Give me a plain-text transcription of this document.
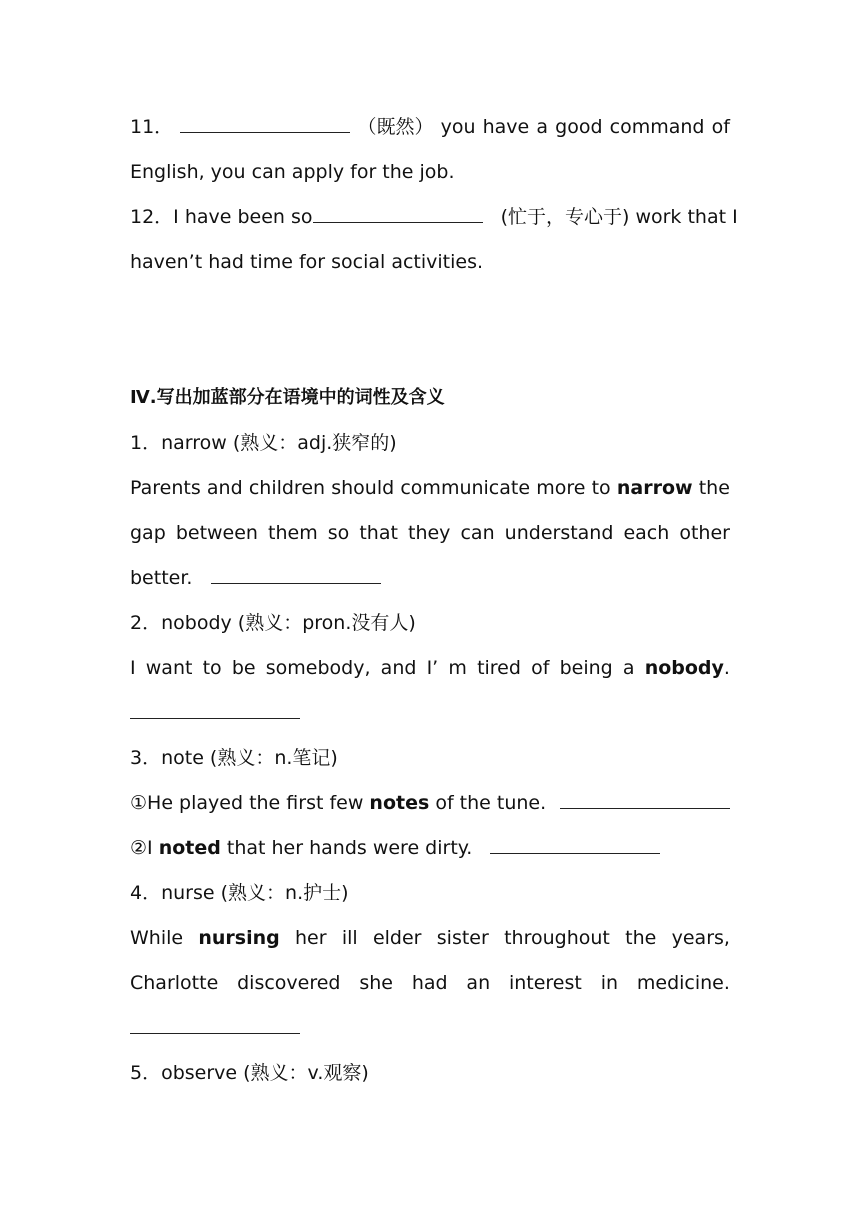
11．	（既然） you have a good command of
English, you can apply for the job.
12．I have been so	(忙于，专心于) work that I
haven’t had time for social activities.
Ⅳ.写出加蓝部分在语境中的词性及含义
1．narrow (熟义：adj.狭窄的)
Parents and children should communicate more to narrow the
gap between them so that they can understand each other
better.
2．nobody (熟义：pron.没有人)
I want to be somebody, and I’ m tired of being a nobody.
3．note (熟义：n.笔记)
①He played the first few notes of the tune.
②I noted that her hands were dirty.
4．nurse (熟义：n.护士)
While nursing her ill elder sister throughout the years,
Charlotte discovered she had an interest in medicine.
5．observe (熟义：v.观察)
